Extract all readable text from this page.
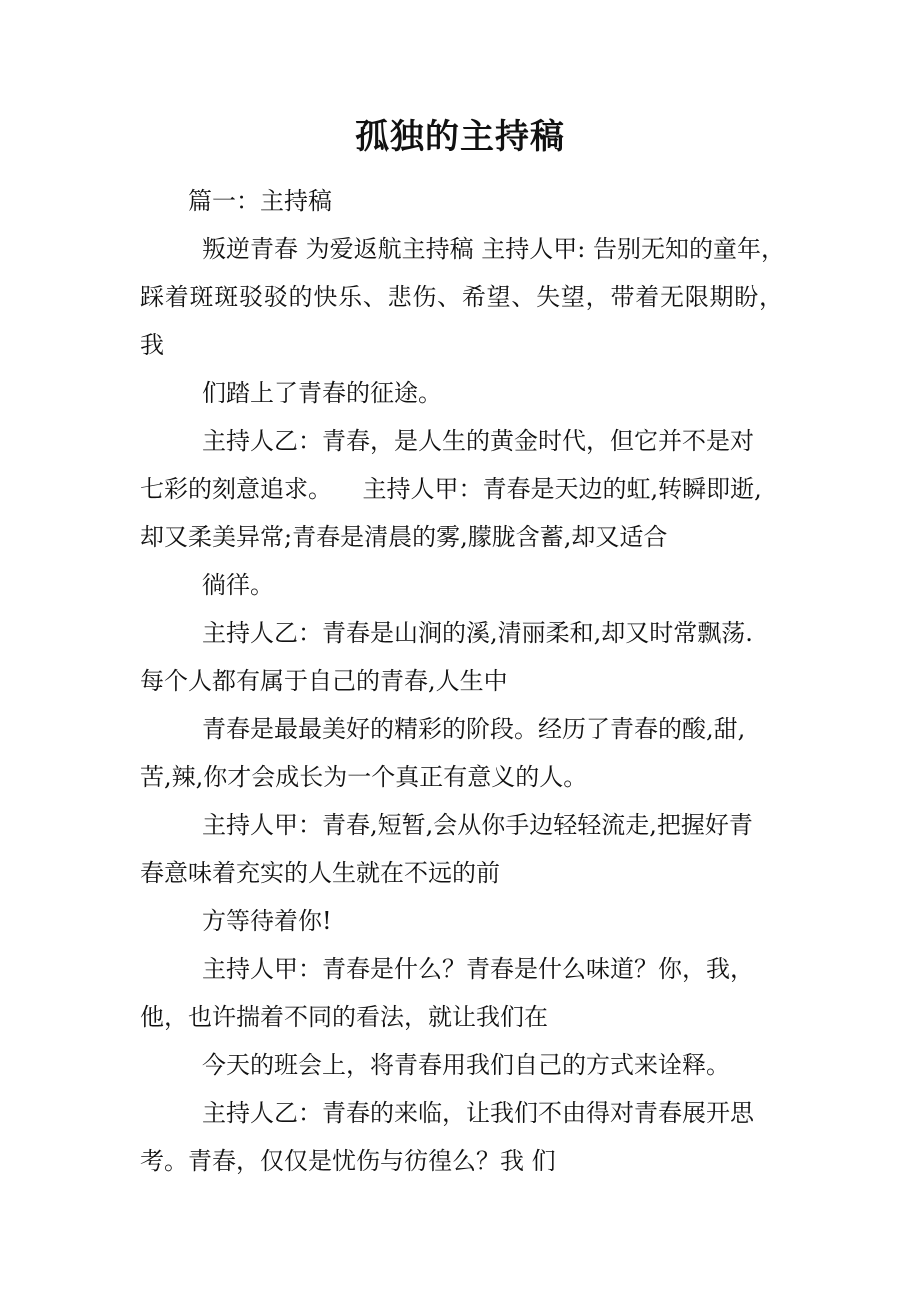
孤独的主持稿

篇一：主持稿

叛逆青春 为爱返航主持稿 主持人甲: 告别无知的童年，

踩着斑斑驳驳的快乐、悲伤、希望、失望，带着无限期盼，

我

们踏上了青春的征途。

主持人乙：青春，是人生的黄金时代，但它并不是对

七彩的刻意追求。    主持人甲：青春是天边的虹,转瞬即逝,

却又柔美异常;青春是清晨的雾,朦胧含蓄,却又适合

徜徉。

主持人乙：青春是山涧的溪,清丽柔和,却又时常飘荡.

每个人都有属于自己的青春,人生中

青春是最最美好的精彩的阶段。经历了青春的酸,甜,

苦,辣,你才会成长为一个真正有意义的人。

主持人甲：青春,短暂,会从你手边轻轻流走,把握好青

春意味着充实的人生就在不远的前

方等待着你!

主持人甲：青春是什么？青春是什么味道？你，我，

他，也许揣着不同的看法，就让我们在

今天的班会上，将青春用我们自己的方式来诠释。

主持人乙：青春的来临，让我们不由得对青春展开思

考。青春，仅仅是忧伤与彷徨么？我 们
